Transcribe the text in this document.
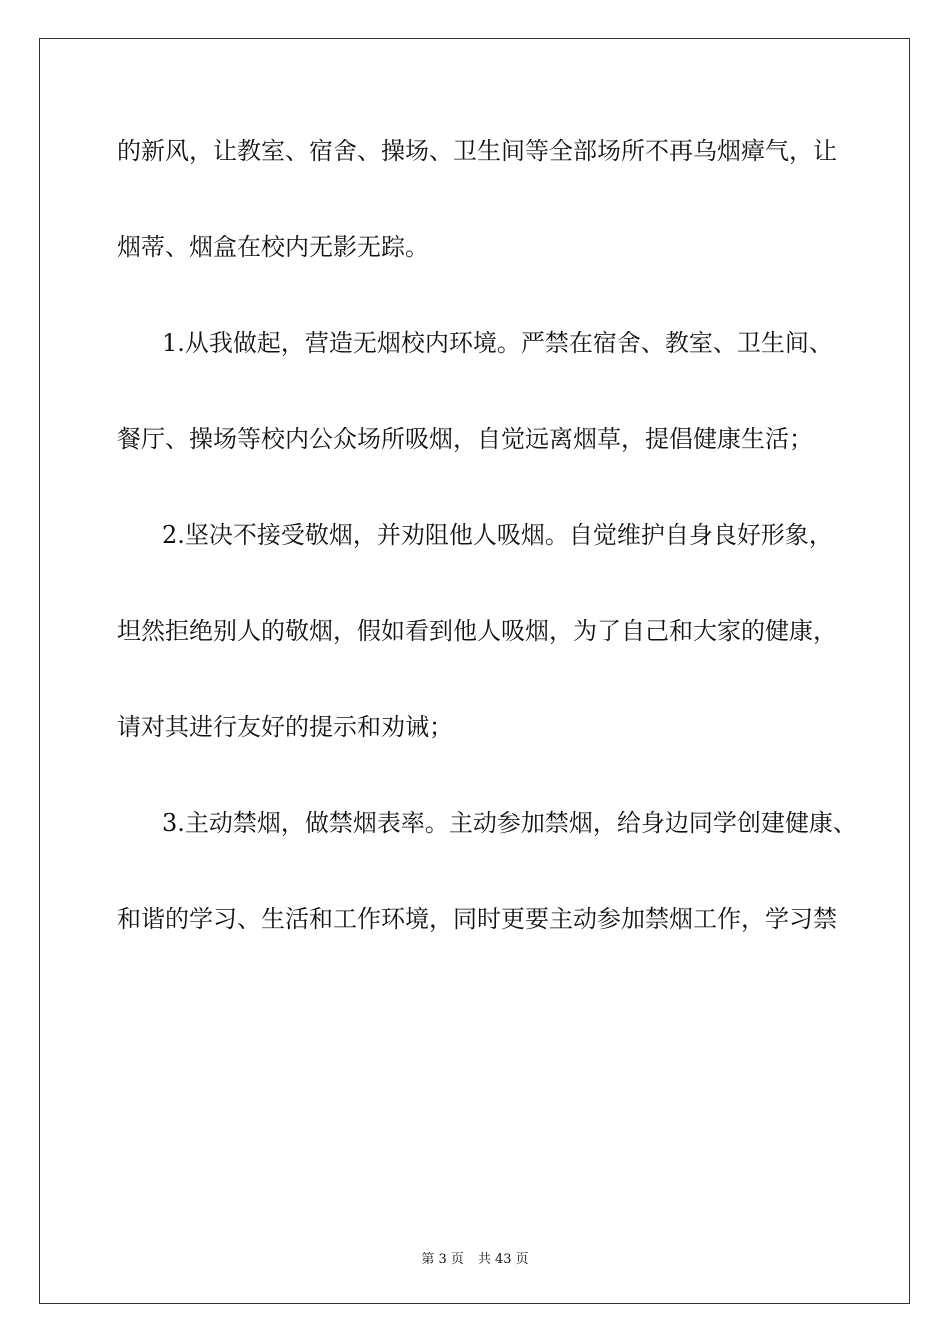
的新风，让教室、宿舍、操场、卫生间等全部场所不再乌烟瘴气，让
烟蒂、烟盒在校内无影无踪。
1.从我做起，营造无烟校内环境。严禁在宿舍、教室、卫生间、
餐厅、操场等校内公众场所吸烟，自觉远离烟草，提倡健康生活；
2.坚决不接受敬烟，并劝阻他人吸烟。自觉维护自身良好形象，
坦然拒绝别人的敬烟，假如看到他人吸烟，为了自己和大家的健康，
请对其进行友好的提示和劝诫；
3.主动禁烟，做禁烟表率。主动参加禁烟，给身边同学创建健康、
和谐的学习、生活和工作环境，同时更要主动参加禁烟工作，学习禁
第 3 页 共 43 页
